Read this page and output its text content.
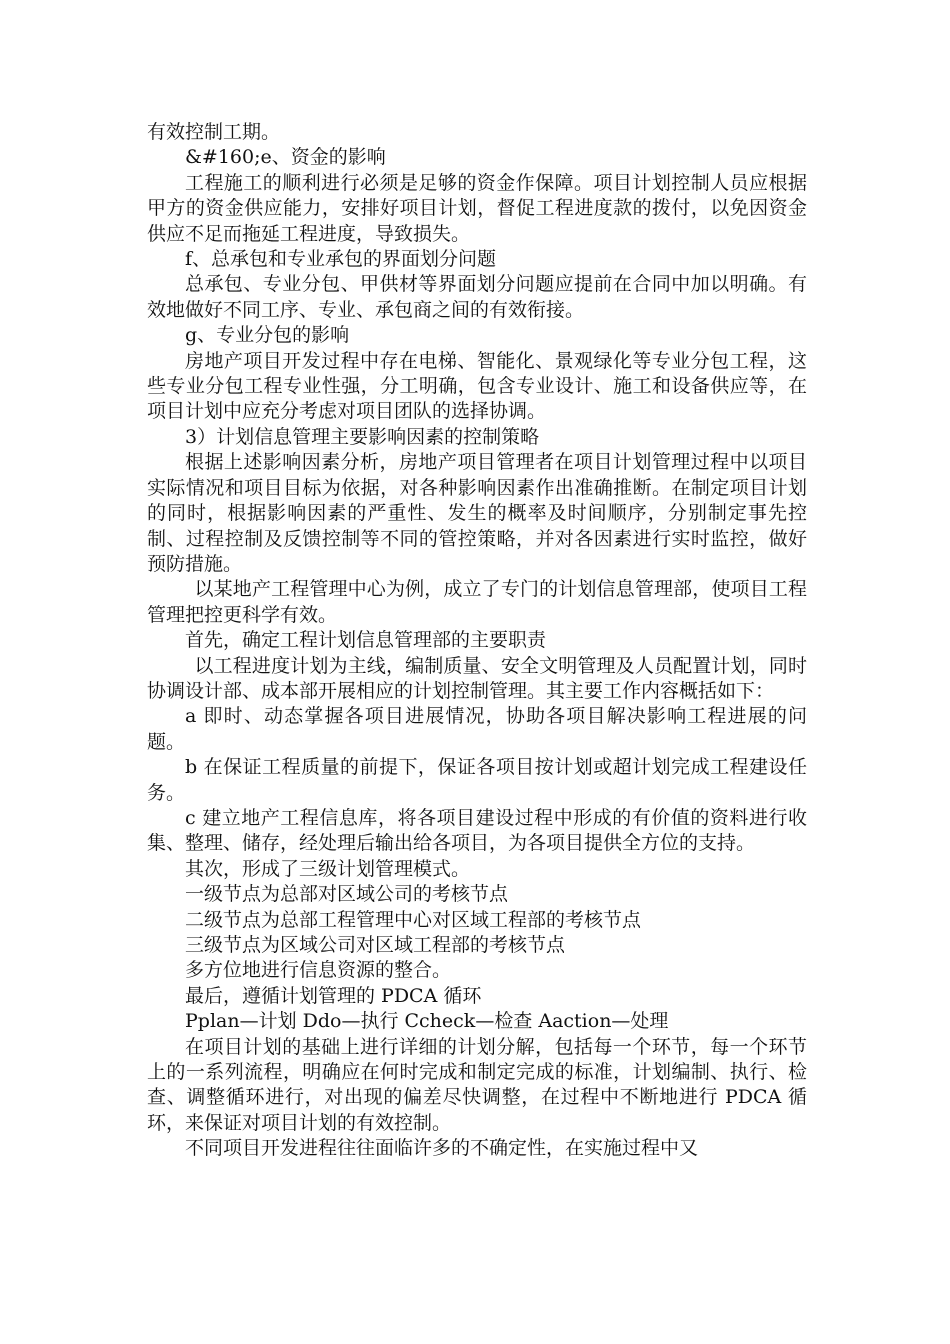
有效控制工期。

&#160;e、资金的影响

工程施工的顺利进行必须是足够的资金作保障。项目计划控制人员应根据甲方的资金供应能力，安排好项目计划，督促工程进度款的拨付，以免因资金供应不足而拖延工程进度，导致损失。

f、总承包和专业承包的界面划分问题

总承包、专业分包、甲供材等界面划分问题应提前在合同中加以明确。有效地做好不同工序、专业、承包商之间的有效衔接。

g、专业分包的影响

房地产项目开发过程中存在电梯、智能化、景观绿化等专业分包工程，这些专业分包工程专业性强，分工明确，包含专业设计、施工和设备供应等，在项目计划中应充分考虑对项目团队的选择协调。

3）计划信息管理主要影响因素的控制策略

根据上述影响因素分析，房地产项目管理者在项目计划管理过程中以项目实际情况和项目目标为依据，对各种影响因素作出准确推断。在制定项目计划的同时，根据影响因素的严重性、发生的概率及时间顺序，分别制定事先控制、过程控制及反馈控制等不同的管控策略，并对各因素进行实时监控，做好预防措施。

以某地产工程管理中心为例，成立了专门的计划信息管理部，使项目工程管理把控更科学有效。

首先，确定工程计划信息管理部的主要职责

以工程进度计划为主线，编制质量、安全文明管理及人员配置计划，同时协调设计部、成本部开展相应的计划控制管理。其主要工作内容概括如下：

a 即时、动态掌握各项目进展情况，协助各项目解决影响工程进展的问题。

b 在保证工程质量的前提下，保证各项目按计划或超计划完成工程建设任务。

c 建立地产工程信息库，将各项目建设过程中形成的有价值的资料进行收集、整理、储存，经处理后输出给各项目，为各项目提供全方位的支持。

其次，形成了三级计划管理模式。

一级节点为总部对区域公司的考核节点

二级节点为总部工程管理中心对区域工程部的考核节点

三级节点为区域公司对区域工程部的考核节点

多方位地进行信息资源的整合。

最后，遵循计划管理的 PDCA 循环

Pplan—计划 Ddo—执行 Ccheck—检查 Aaction—处理

在项目计划的基础上进行详细的计划分解，包括每一个环节，每一个环节上的一系列流程，明确应在何时完成和制定完成的标准，计划编制、执行、检查、调整循环进行，对出现的偏差尽快调整，在过程中不断地进行 PDCA 循环，来保证对项目计划的有效控制。

不同项目开发进程往往面临许多的不确定性，在实施过程中又
